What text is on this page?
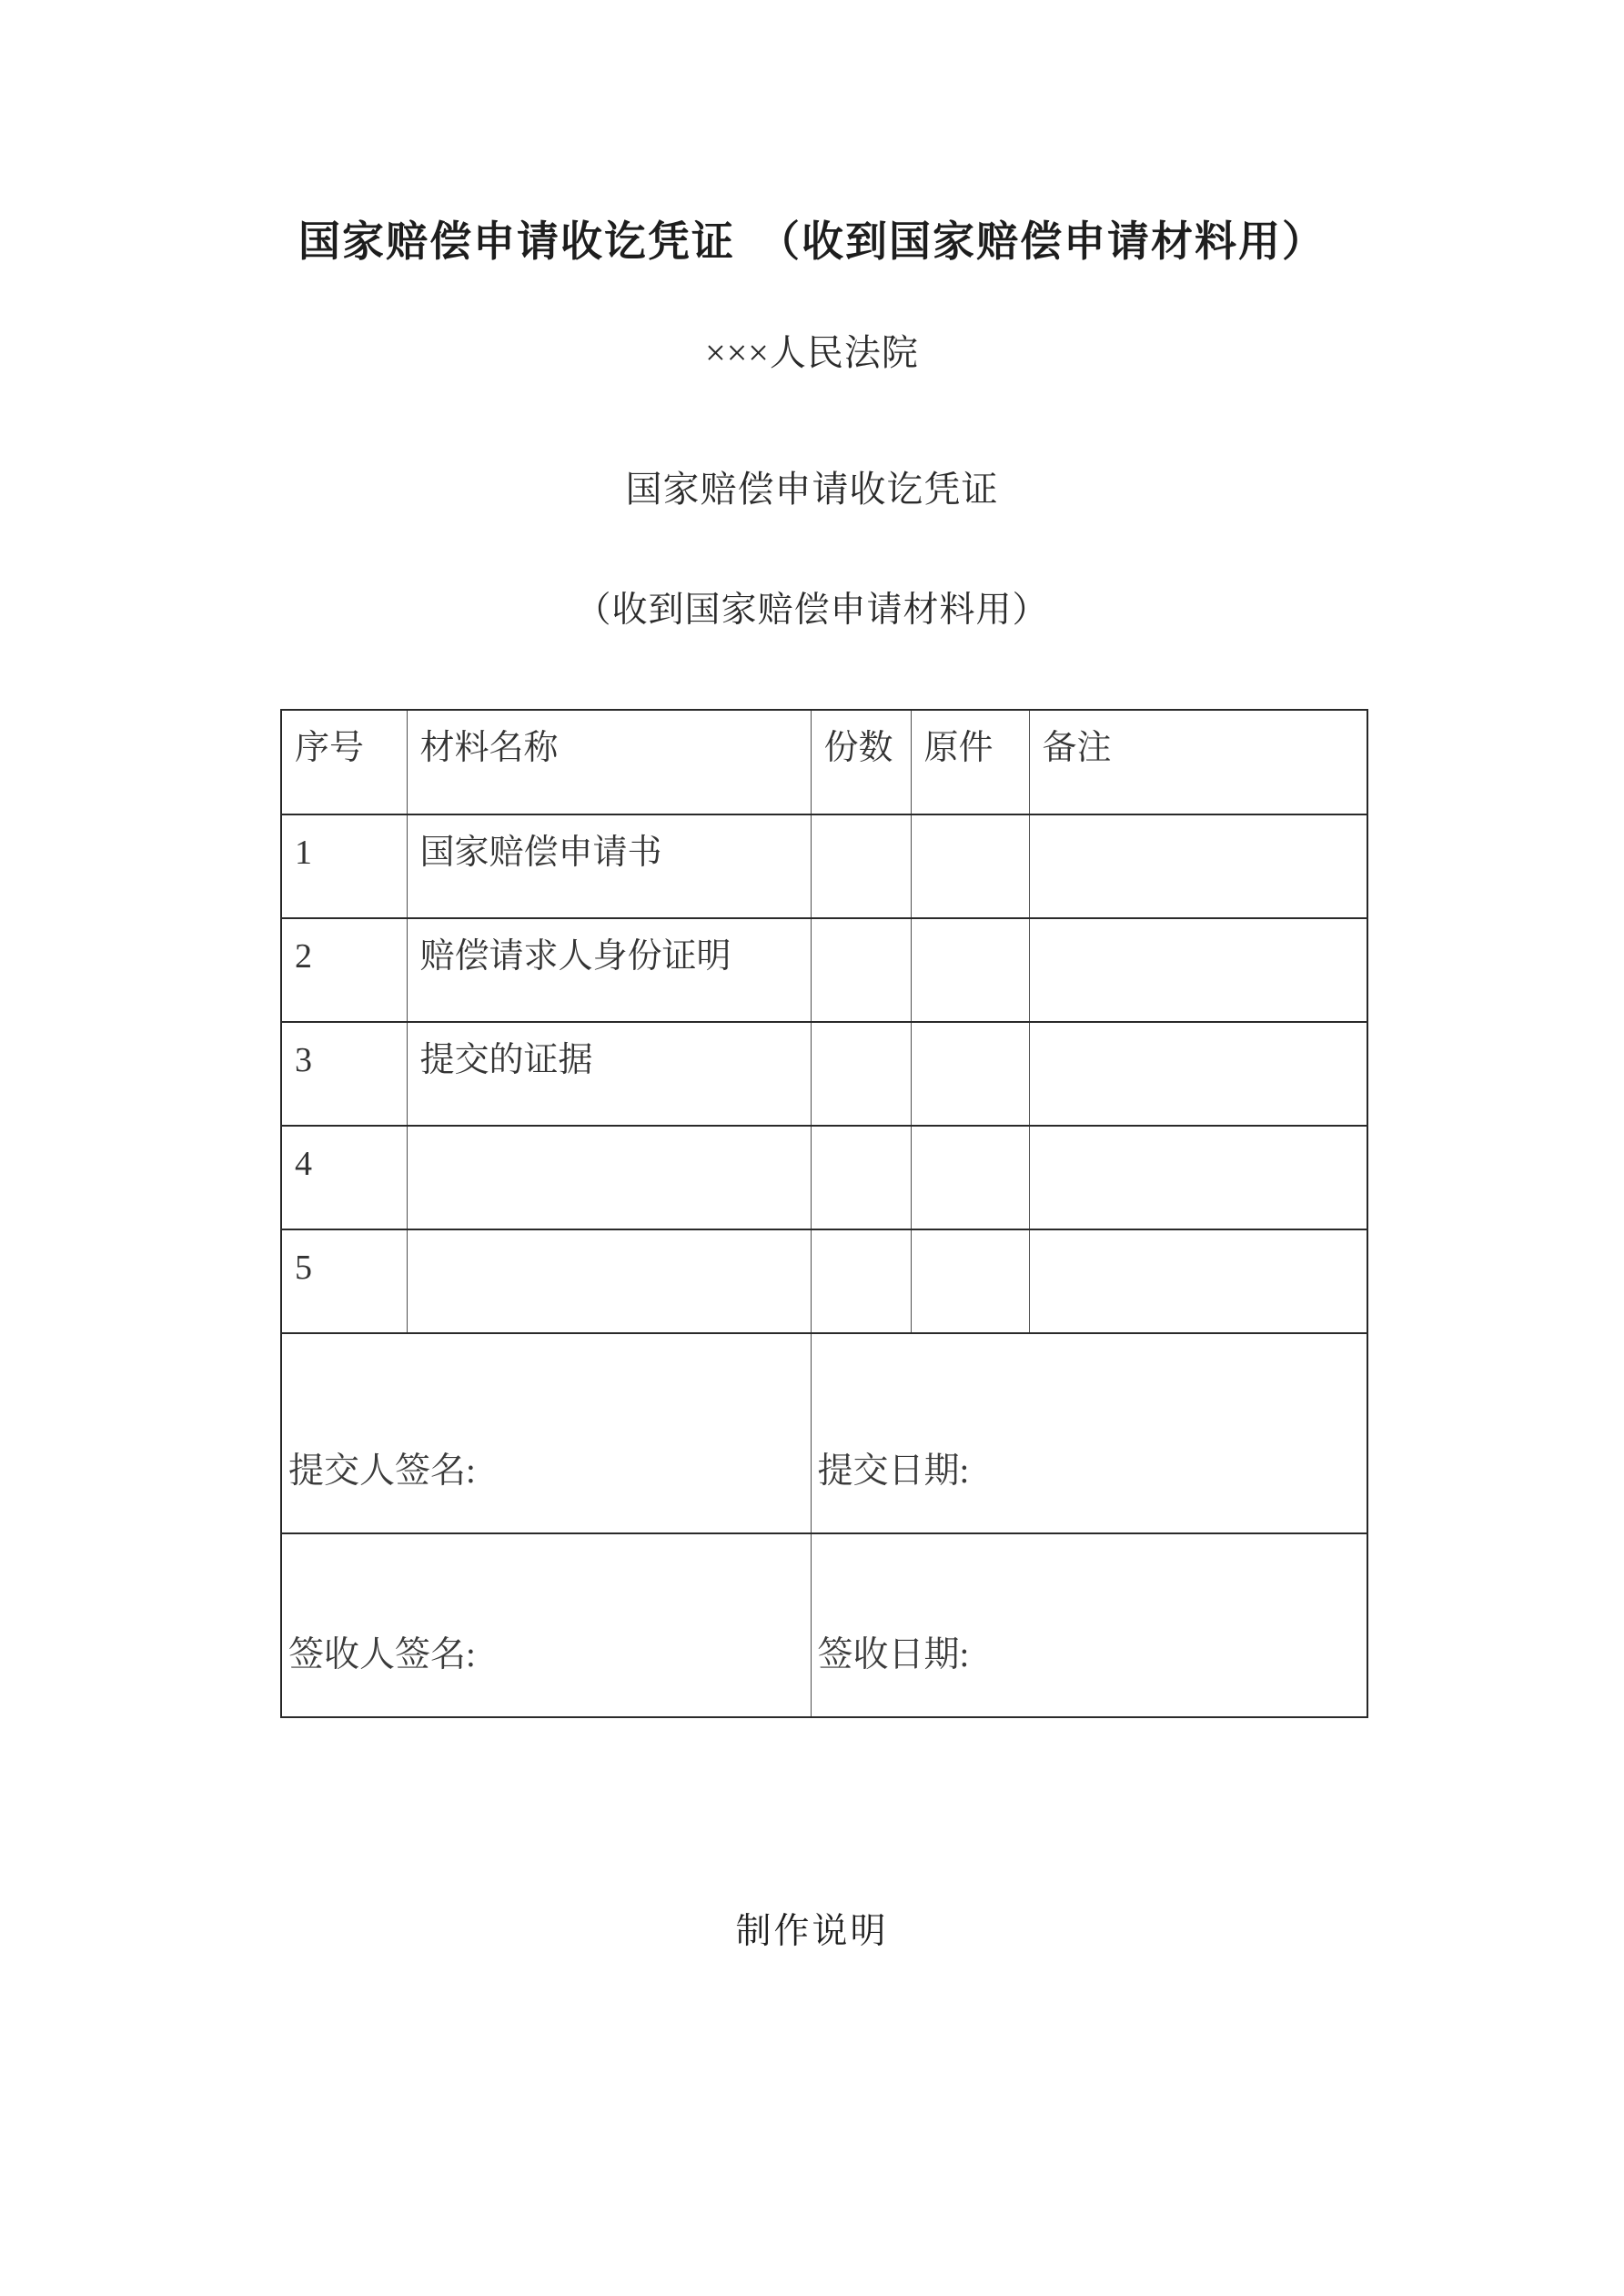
国家赔偿申请收讫凭证　（收到国家赔偿申请材料用）
×××人民法院
国家赔偿申请收讫凭证
（收到国家赔偿申请材料用）
序号	材料名称	份数	原件	备注
1	国家赔偿申请书			
2	赔偿请求人身份证明			
3	提交的证据			
4				
5				
提交人签名:		提交日期:		
签收人签名:		签收日期:		
制作说明
